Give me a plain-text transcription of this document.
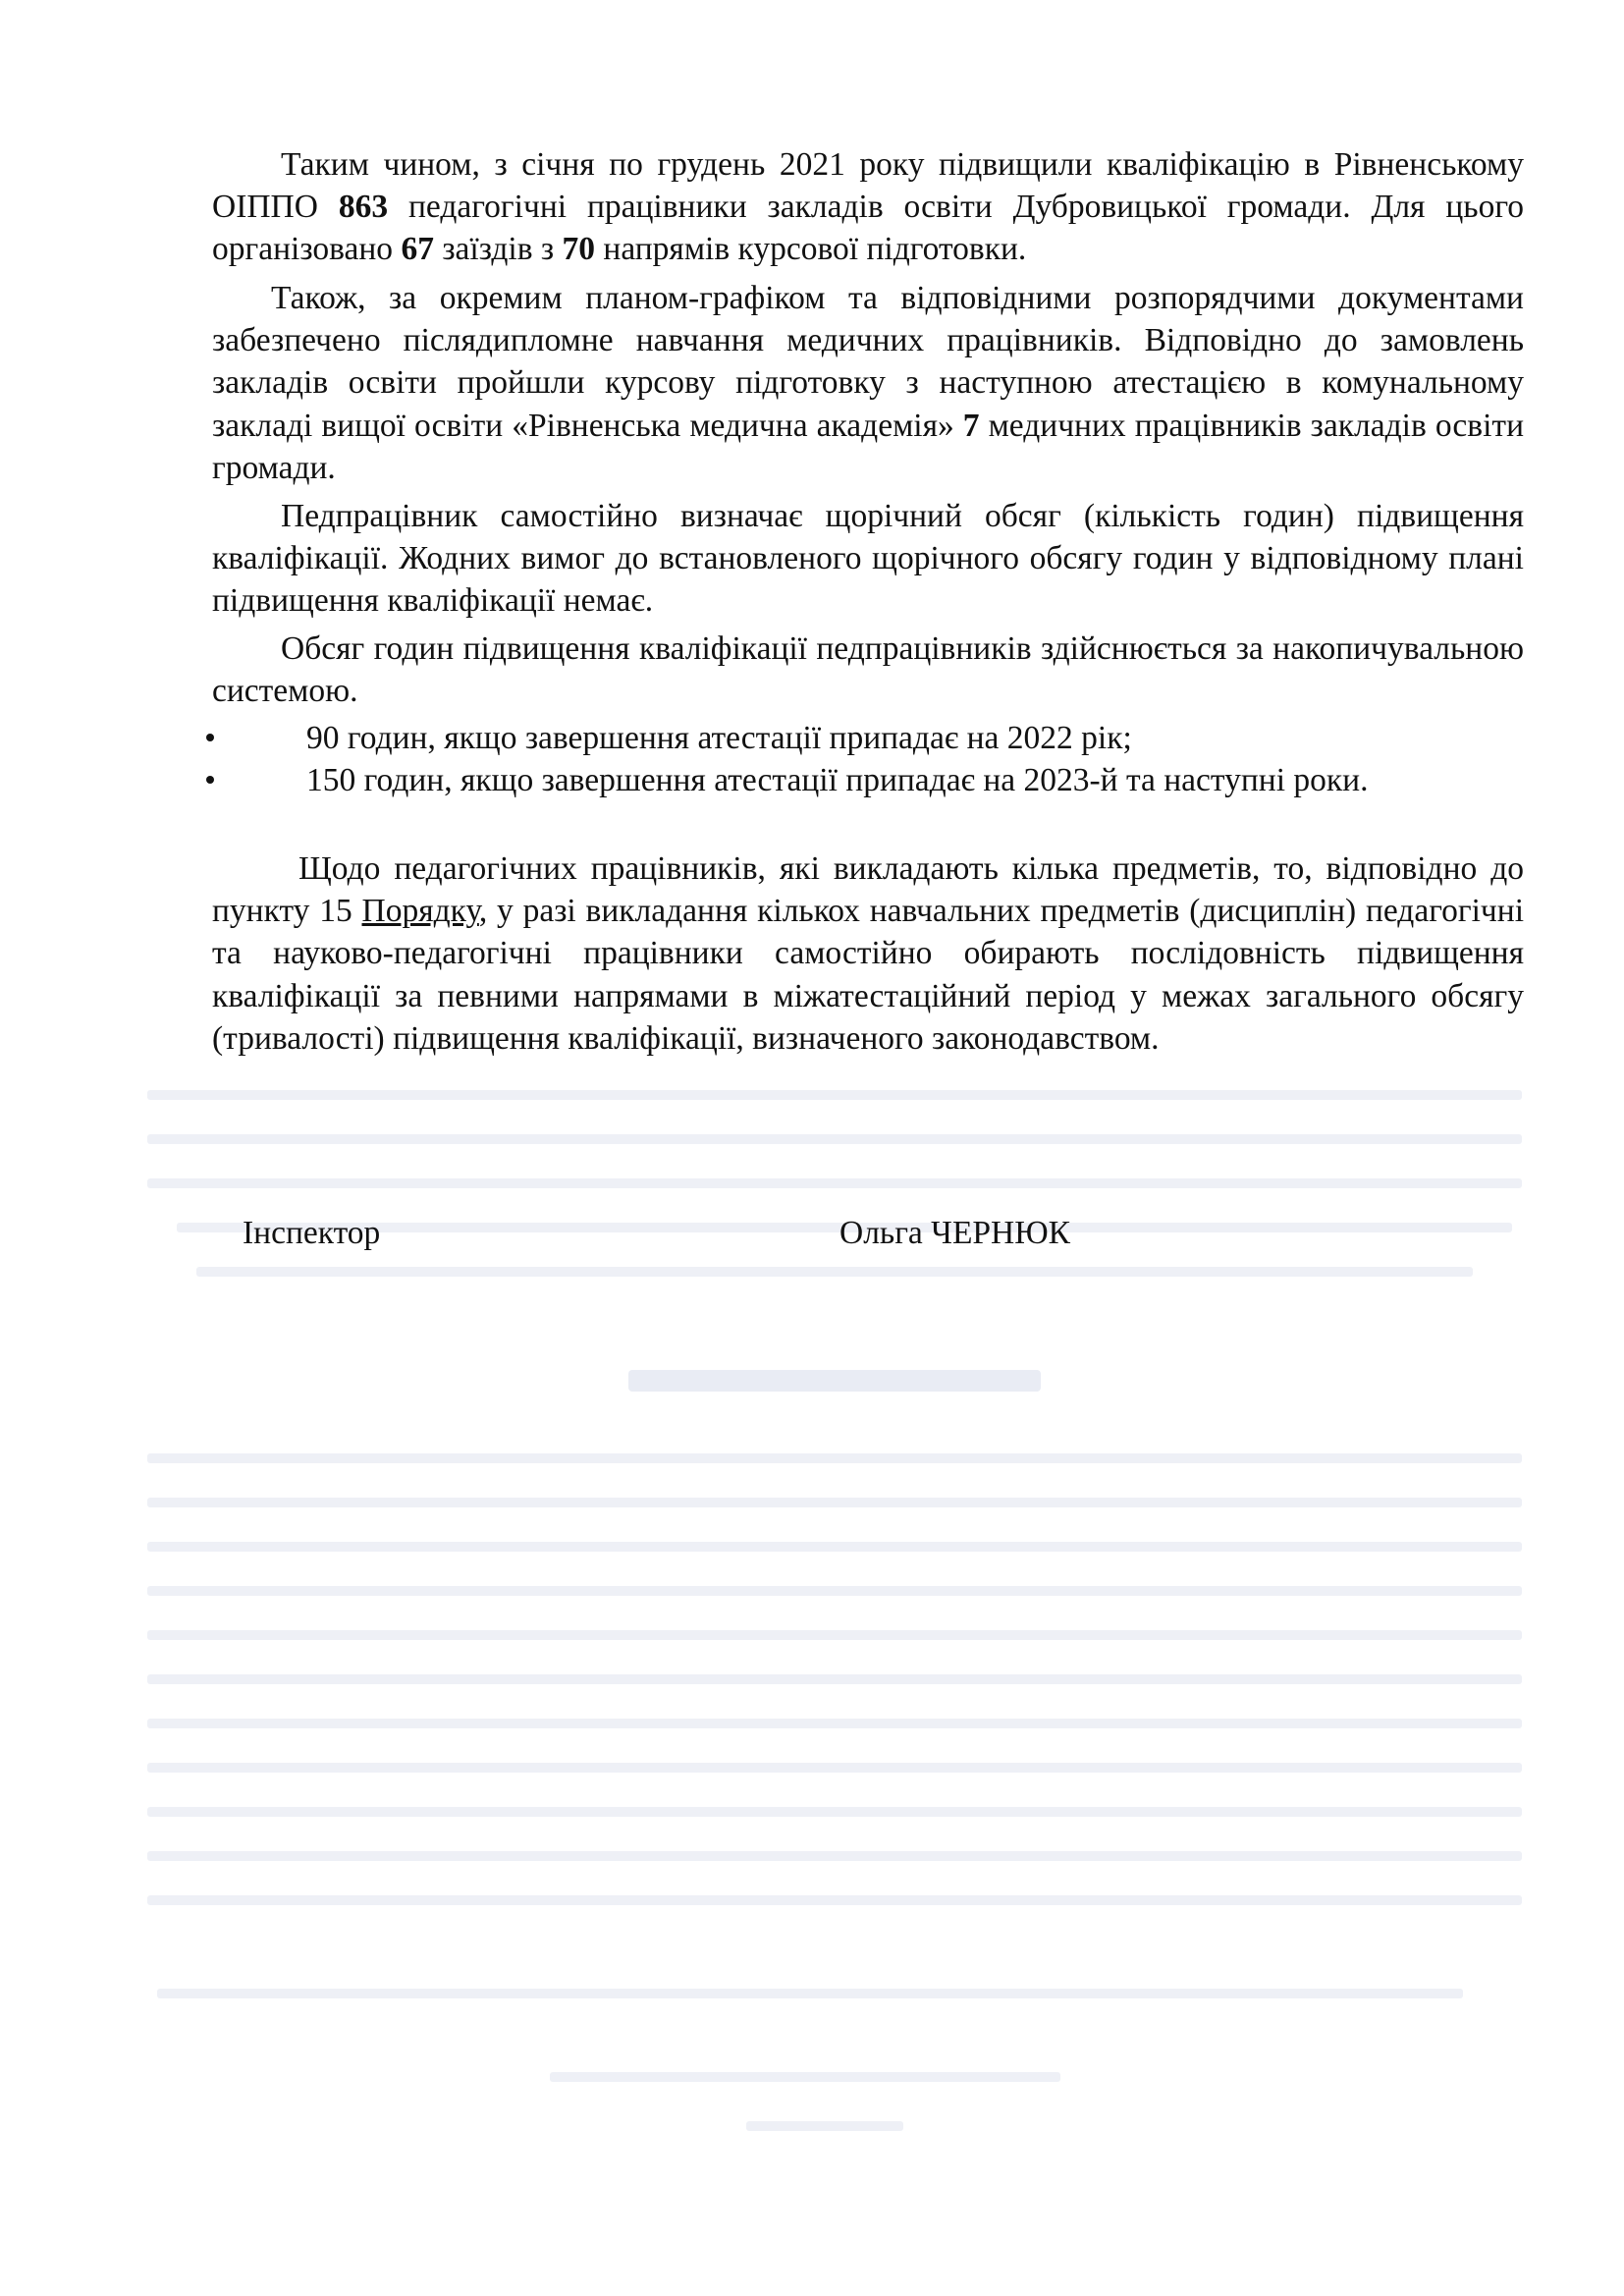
Таким чином, з січня по грудень 2021 року підвищили кваліфікацію в Рівненському ОІППО 863 педагогічні працівники закладів освіти Дубровицької громади. Для цього організовано 67 заїздів з 70 напрямів курсової підготовки.

Також, за окремим планом-графіком та відповідними розпорядчими документами забезпечено післядипломне навчання медичних працівників. Відповідно до замовлень закладів освіти пройшли курсову підготовку з наступною атестацією в комунальному закладі вищої освіти «Рівненська медична академія» 7 медичних працівників закладів освіти громади.

Педпрацівник самостійно визначає щорічний обсяг (кількість годин) підвищення кваліфікації. Жодних вимог до встановленого щорічного обсягу годин у відповідному плані підвищення кваліфікації немає.

Обсяг годин підвищення кваліфікації педпрацівників здійснюється за накопичувальною системою.

90 годин, якщо завершення атестації припадає на 2022 рік;
150 годин, якщо завершення атестації припадає на 2023-й та наступні роки.

Щодо педагогічних працівників, які викладають кілька предметів, то, відповідно до пункту 15 Порядку, у разі викладання кількох навчальних предметів (дисциплін) педагогічні та науково-педагогічні працівники самостійно обирають послідовність підвищення кваліфікації за певними напрямами в міжатестаційний період у межах загального обсягу (тривалості) підвищення кваліфікації, визначеного законодавством.

Інспектор	Ольга ЧЕРНЮК
